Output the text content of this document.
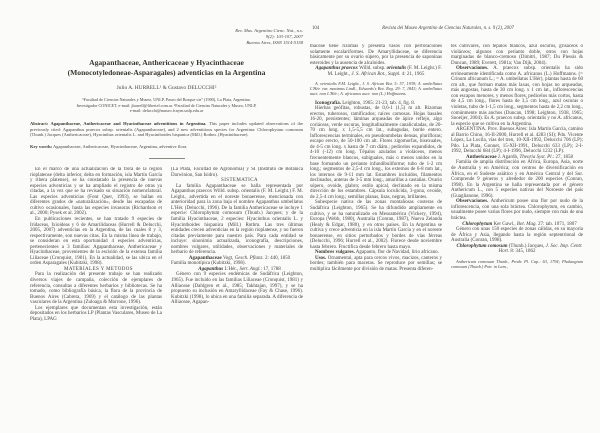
Rev. Mus. Argentino Cienc. Nat., n.s.
9(2): 103-107, 2007
Buenos Aires, ISSN 1514-5158
Agapanthaceae, Anthericaceae y Hyacinthaceae
(Monocotyledoneae-Asparagales) adventicias en la Argentina
Julio A. HURRELL¹ & Gustavo DELUCCHI²
¹Facultad de Ciencias Naturales y Museo, UNLP, Paseo del Bosque s/n° (1900), La Plata, Argentina.
Investigador CONICET, e-mail: jhurrell@fibertel.com.ar. ²Facultad de Ciencias Naturales y Museo, UNLP,
e-mail: delucchi@museo.fcnym.unlp.edu.ar

Abstract: Agapanthaceae, Anthericaceae and Hyacinthaceae adventitious in Argentina. This paper includes updated observations of the previously cited: Agapanthus praecox subsp. orientalis (Agapanthaceae), and 2 new adventitious species for Argentina: Chlorophytum comosum (Thunb.) Jacques (Anthericaceae), Hyacinthus orientalis L. and Hyacinthoides hispanica (Mill.) Rothm. (Hyacinthaceae).

Key words: Agapanthaceae, Anthericaceae, Hyacinthaceae, Argentina, adventive flora.

En el marco de una actualización de la flora de la región rioplatense (delta inferior, delta en formación, isla Martín García y ribera platense), se ha constatado la presencia de nuevas especies adventicias y se ha ampliado el registro de otras ya citadas, a la vez que se ha revisado su situación nomenclatural. Las especies adventicias (Font Quer, 1993), se hallan en diferentes grados de «naturalización», desde las escapadas de cultivo ocasionales, hasta las especies invasoras (Richardson et al., 2000; Pysek et al. 2002).

En publicaciones recientes, se han tratado 9 especies de Iridaceas, Ixioideas y 6 de Amarilidaceas (Hurrell & Delucchi, 2005, 2007) adventicias en la Argentina, de las cuales 8 y 3, respectivamente, son nuevas citas. En la misma línea de trabajo, se consideran en esta oportunidad 4 especies adventicias, pertenecientes a 3 familias: Agapanthaceae, Anthericaceae y Hyacinthaceae, provenientes de la escisión de la extensa familia Liliaceae (Cronquist, 1981). En la actualidad, se las ubica en el orden Asparagales (Kubitzki, 1998).

MATERIALES Y METODOS

Para la realización del presente trabajo se han realizado diversos viajes de campaña, colección de ejemplares de referencia, consultas a diferentes herbarios y bibliotecas. Se ha tomado, como bibliografía básica, la flora de la provincia de Buenos Aires (Cabrera, 1969) y el catálogo de las plantas vasculares de la Argentina (Zuloaga & Morrone, 1996).

Los ejemplares que documentan esta investigación, están depositados en los herbarios LP (Plantas Vasculares, Museo de La Plata), LPAG

(La Plata, Facultad de Agronomía) y SI (Instituto de Botánica Darwinion, San Isidro).

SISTEMATICA

La familia Agapanthaceae se halla representada por Agapanthus praecox Willd. subsp. orientalis (F. M. Leight.) F. M. Leight., advertida en el noreste bonaerense, mencionada con anterioridad para la zona baja el nombre Agapanthus umbellatus L'Hér. (Delucchi, 1996). De la familia Anthericaceae se incluye 1 especie: Chlorophytum comosum (Thunb.) Jacques; y de la familia Hyacinthaceae, 2 especies: Hyacinthus orientalis L. y Hyacinthoides hispanica (Mill.) Rothm. Las tres últimas entidades crecen adventicias en la región rioplatense, y no fueron citadas previamente para nuestro país. Para cada entidad se incluye: sinonimia actualizada, iconografía, descripciones, nombres vulgares, utilidades, observaciones y materiales de herbario de referencia.

Agapanthaceae Vogt, Gesch. Pflanz. 2: 440, 1850

Familia monotípica (Kubitzki, 1998).

Agapanthus L'Hér., Sert. Angl.: 17, 1788

Género con 9 especies endémicas de Sudáfrica (Leighton, 1965). Fue incluido en las familias Liliaceae (Cronquist, 1981) y Alliaceae (Dahlgren et al., 1985; Takhtajan, 1997), y se ha propuesto su inclusión en Amaryllidaceae (Fay & Chase, 1996). Kubitzki (1998), lo ubica en una familia separada. A diferencia de Alliaceae, Agapan-

104	Revista del Museo Argentino de Ciencias Naturales, n. s. 9 (2), 2007

thaceae tiene rizomas y presenta vasos con perforaciones solamente escalariformes. De Amaryllidaceae, se diferencia básicamente por su ovario súpero, por la presencia de saponinas esteroides y la ausencia de alcaloides.

Agapanthus praecox Willd. subsp. orientalis (F. M. Leight.) F. M. Leight., J. S. African Bot., Suppl. 4: 21, 1965

A. orientalis F.M. Leight., J. S. African Bot. 5: 57, 1939; A. umbellatus L'Hér. var. maximus Lindl., Edwards's Bot. Reg. 29: 7, 1843; A. umbellatus auct. non L'Hér.; A. africanus auct. non (L.) Hoffmanns.

Iconografía. Leighton, 1965: 21-23, tab. 4, fig. 8.

Hierbas geófitas, robustas, de 0,6-1 (1,5) m alt. Rizomas erectos, tuberosos, ramificados; raíces carnosas. Hojas basales 16-20, persistentes; láminas arqueadas de ápice reflejo, algo coriáceas, verde oscuras, longitudinalmente canaliculadas, de 20-70 cm long. x 1,5-5,5 cm lat., subagudas, borde entero. Inflorescencias terminales, en pseudoumbelas densas, plurifloras; escapo erecto, de 50-100 cm alt. Flores zigomorfas, bisexuales, de 4-5 cm long. x hasta de 7 cm diám.; pedicelos expandidos, de 4-10 (-12) cm long. Tépalos azulados a violáceos, menos frecuentemente blancos, subiguales, más o menos unidos en la base formando un perianto infundibuliforme; tubo de 1-2 cm long.; segmentos de 2,5-4 cm long., los externos de 6-8 mm lat., los internos de 9-11 mm lat. Estambres incluidos, filamentos declinados, anteras de 3-5 mm long., amarillas a castañas. Ovario súpero, ovoide, glabro; estilo apical, declinado en la misma dirección de los estambres. Cápsula loculicida, 3-gona, ovoide, de 2,5-4 cm long.; semillas planas, lisas, negras, brillantes.

Subespecie nativa de las zonas montañosas costeras de Sudáfrica (Leighton, 1965). Se ha difundido ampliamente en cultivo, y se ha naturalizado en Mesoamérica (Vickery, 1994), Europa (Webb, 1980), Australia (Conran, 1987), Nueva Zelanda (Healy & Edgar, 1980), y en otros países. En la Argentina se cultiva y crece adventicia en la isla Martín García y en el noreste bonaerense, en sitios perturbados y bordes de vías férreas (Delucchi, 1996; Hurrell et al., 2002). Florece desde noviembre hasta febrero. Fructifica desde febrero hasta mayo.

Nombres vulgares. Agapanto, flor de Navidad, lirio africano.

Usos. Ornamental, apta para cercos vivos, macizos, canteros y bordes; también para macetas. Se reproduce por semillas; se multiplica fácilmente por división de matas. Presenta diferen-

tes cultivares, con tépalos blancos, azul oscuros, grisáceos o violáceos; algunos con perianto doble, otros con hojas marginadas de blanco-cremoso (Dimitri, 1987; Du Plessis & Duncan, 1989; Everett, 1981a; Van Dijk, 2004).

Observaciones. A. praecox subsp. orientalis ha sido erróneamente identificada como A. africanus (L.) Hoffmanns. (= Crinum africanum L.; = A. umbellatus L'Hér), plantas hasta de 60 cm alt., que forman matas más laxas, con hojas no arqueadas, más angostas, hasta de 30 cm long. x 1 cm lat., inflorescencias con escapos menores, y menos flores, pedicelos más cortos, hasta de 4,5 cm long., flores hasta de 3,5 cm long., azul oscuras o violetas, tubo de 1-1,5 cm long., segmentos hasta de 2,2 cm long., comúnmente más anchos (Duncan, 1998; Leighton, 1938, 1965; Snoeijer, 2004). Es A. praecox subsp. orientalis y no A. africanus, la especie que se cultiva en la Argentina.

ARGENTINA. Prov. Buenos Aires: Isla Martín García, camino al Barrio Chino, 16-II-2000, Hurrell et al. 4283 (SI); Pdo. Vicente López, La Lucila, vías del tren, 10-XII-1992, Delucchi 706 (LP); Pdo. La Plata, Gonnet, 15-XII-1991, Delucchi 633 (LP); 2-I-1992, Delucchi 684 (LP); 4-I-1996, Delucchi 1232 (LP).

Anthericaceae J. Agardh, Theoria Syst. Pl.: 27, 1858

Familia de amplia distribución en África, Europa, Asia, norte de Australia y en América; con centros de diversificación en África, en el Sudeste asiático y en América Central y del Sur. Comprende 9 géneros y alrededor de 200 especies (Conran, 1998). En la Argentina se halla representada por el género Anthericum L., con 5 especies nativas del Noroeste del país (Guaglianone, 1996).

Observaciones. Anthericum posee una flor por nudo de la inflorescencia, con una sola bráctea. Chlorophytum, en cambio, usualmente posee varias flores por nudo, siempre con más de una bráctea.

Chlorophytum Ker Gawl., Bot. Mag. 27: tab. 1071, 1807

Género con unas 150 especies de zonas cálidas, en su mayoría de África y Asia, llegando hasta la región septentrional de Australia (Conran, 1998).

Chlorophytum comosum (Thunb.) Jacques, J. Soc. Imp. Centr. Hort. 8: 345, 1862

Anthericum comosum Thunb., Prodr. Pl. Cap.: 63, 1794; Phalangium comosum (Thunb.) Poir. in Lam.,
